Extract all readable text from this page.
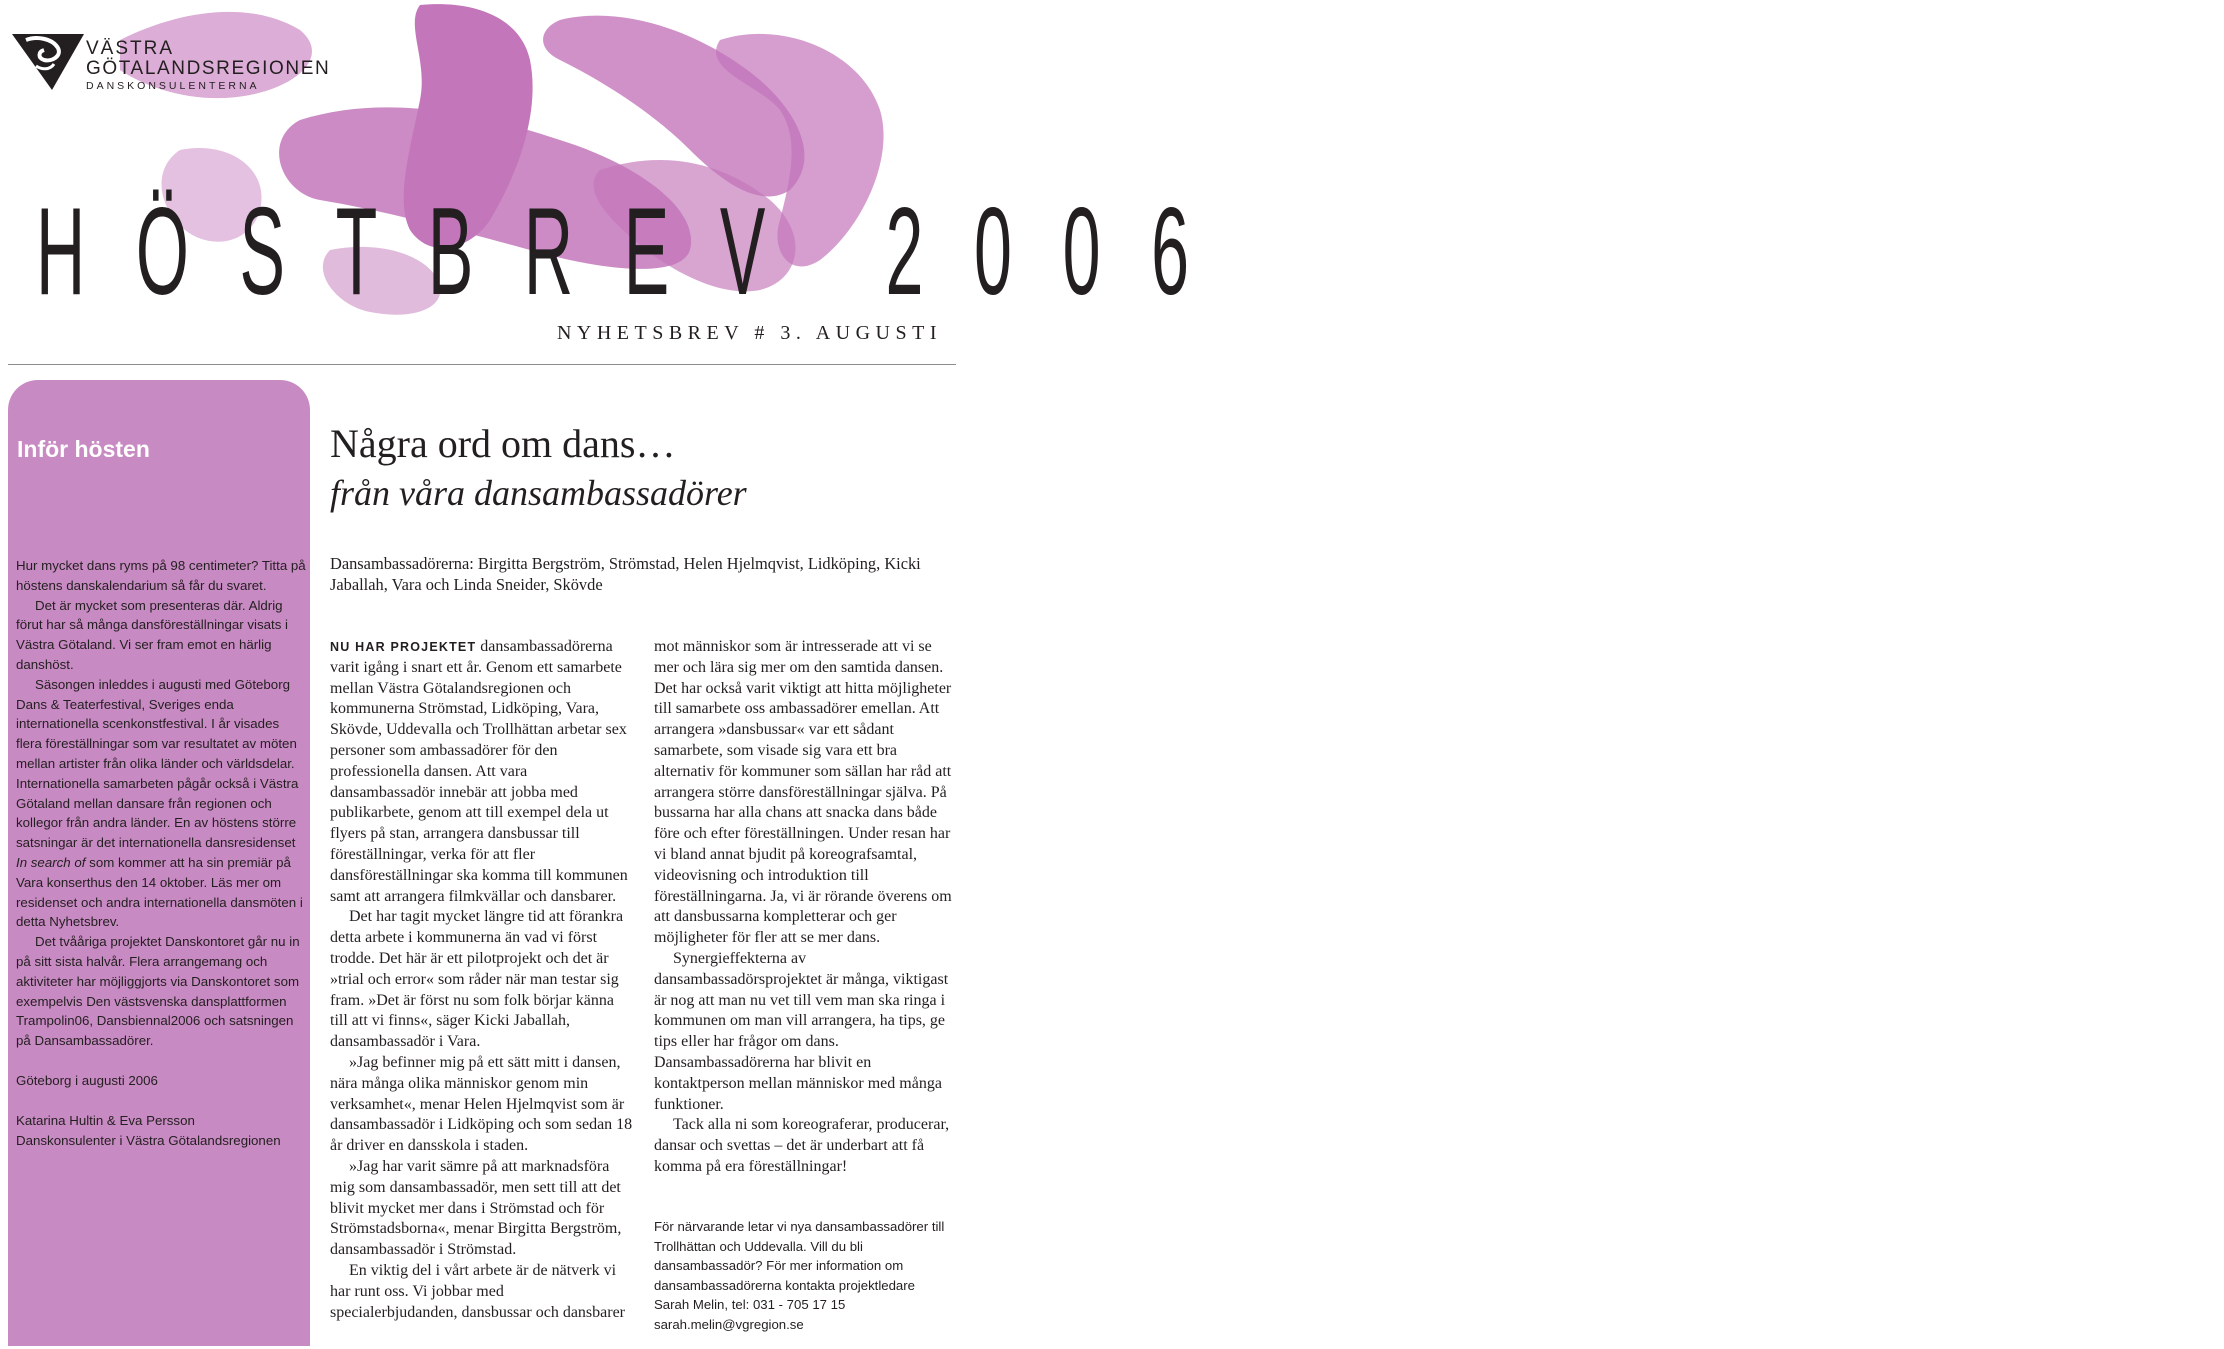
VÄSTRA
GÖTALANDSREGIONEN
DANSKONSULENTERNA
HÖSTBREV 2006
NYHETSBREV # 3. AUGUSTI
Inför hösten

Hur mycket dans ryms på 98 centimeter? Titta på höstens danskalendarium så får du svaret.

Det är mycket som presenteras där. Aldrig förut har så många dansföreställningar visats i Västra Götaland. Vi ser fram emot en härlig danshöst.

Säsongen inleddes i augusti med Göteborg Dans & Teaterfestival, Sveriges enda internationella scenkonstfestival. I år visades flera föreställningar som var resultatet av möten mellan artister från olika länder och världsdelar. Internationella samarbeten pågår också i Västra Götaland mellan dansare från regionen och kollegor från andra länder. En av höstens större satsningar är det internationella dansresidenset In search of som kommer att ha sin premiär på Vara konserthus den 14 oktober. Läs mer om residenset och andra internationella dansmöten i detta Nyhetsbrev.

Det tvååriga projektet Danskontoret går nu in på sitt sista halvår. Flera arrangemang och aktiviteter har möjliggjorts via Danskontoret som exempelvis Den västsvenska dansplattformen Trampolin06, Dansbiennal2006 och satsningen på Dansambassadörer.

Göteborg i augusti 2006

Katarina Hultin & Eva Persson

Danskonsulenter i Västra Götalandsregionen

Några ord om dans…
från våra dansambassadörer
Dansambassadörerna: Birgitta Bergström, Strömstad, Helen Hjelmqvist, Lidköping, Kicki Jaballah, Vara och Linda Sneider, Skövde

NU HAR PROJEKTET dansambassadörerna varit igång i snart ett år. Genom ett samarbete mellan Västra Götalandsregionen och kommunerna Strömstad, Lidköping, Vara, Skövde, Uddevalla och Trollhättan arbetar sex personer som ambassadörer för den professionella dansen. Att vara dansambassadör innebär att jobba med publikarbete, genom att till exempel dela ut flyers på stan, arrangera dansbussar till föreställningar, verka för att fler dansföreställningar ska komma till kommunen samt att arrangera filmkvällar och dansbarer.

Det har tagit mycket längre tid att förankra detta arbete i kommunerna än vad vi först trodde. Det här är ett pilotprojekt och det är »trial och error« som råder när man testar sig fram. »Det är först nu som folk börjar känna till att vi finns«, säger Kicki Jaballah, dansambassadör i Vara.

»Jag befinner mig på ett sätt mitt i dansen, nära många olika människor genom min verksamhet«, menar Helen Hjelmqvist som är dansambassadör i Lidköping och som sedan 18 år driver en dansskola i staden.

»Jag har varit sämre på att marknadsföra mig som dansambassadör, men sett till att det blivit mycket mer dans i Strömstad och för Strömstadsborna«, menar Birgitta Bergström, dansambassadör i Strömstad.

En viktig del i vårt arbete är de nätverk vi har runt oss. Vi jobbar med specialerbjudanden, dansbussar och dansbarer

mot människor som är intresserade att vi se mer och lära sig mer om den samtida dansen. Det har också varit viktigt att hitta möjligheter till samarbete oss ambassadörer emellan. Att arrangera »dansbussar« var ett sådant samarbete, som visade sig vara ett bra alternativ för kommuner som sällan har råd att arrangera större dansföreställningar själva. På bussarna har alla chans att snacka dans både före och efter föreställningen. Under resan har vi bland annat bjudit på koreografsamtal, videovisning och introduktion till föreställningarna. Ja, vi är rörande överens om att dansbussarna kompletterar och ger möjligheter för fler att se mer dans.

Synergieffekterna av dansambassadörsprojektet är många, viktigast är nog att man nu vet till vem man ska ringa i kommunen om man vill arrangera, ha tips, ge tips eller har frågor om dans. Dansambassadörerna har blivit en kontaktperson mellan människor med många funktioner.

Tack alla ni som koreograferar, producerar, dansar och svettas – det är underbart att få komma på era föreställningar!

För närvarande letar vi nya dansambassadörer till Trollhättan och Uddevalla. Vill du bli dansambassadör? För mer information om dansambassadörerna kontakta projektledare

Sarah Melin, tel: 031 - 705 17 15

sarah.melin@vgregion.se
